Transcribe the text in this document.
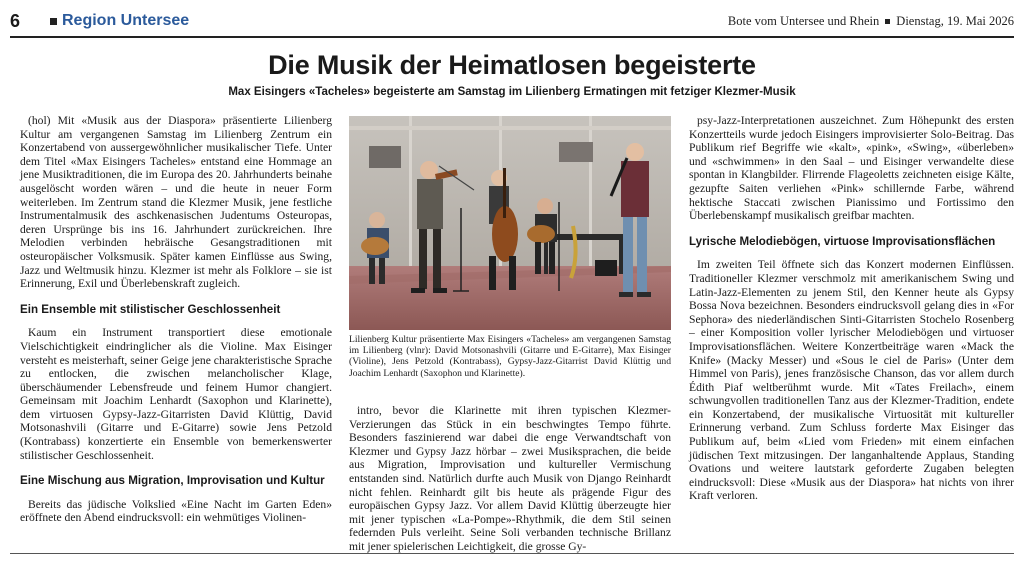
6	Region Untersee	Bote vom Untersee und Rhein Dienstag, 19. Mai 2026
Die Musik der Heimatlosen begeisterte
Max Eisingers «Tacheles» begeisterte am Samstag im Lilienberg Ermatingen mit fetziger Klezmer-Musik

(hol) Mit «Musik aus der Diaspora» präsentierte Lilienberg Kultur am vergangenen Samstag im Lilienberg Zentrum ein Konzertabend von aussergewöhnlicher musikalischer Tiefe. Unter dem Titel «Max Eisingers Tacheles» entstand eine Hommage an jene Musiktraditionen, die im Europa des 20. Jahrhunderts beinahe ausgelöscht worden wären – und die heute in neuer Form weiterleben. Im Zentrum stand die Klezmer Musik, jene festliche Instrumentalmusik des aschkenasischen Judentums Osteuropas, deren Ursprünge bis ins 16. Jahrhundert zurückreichen. Ihre Melodien verbinden hebräische Gesangstraditionen mit osteuropäischer Volksmusik. Später kamen Einflüsse aus Swing, Jazz und Weltmusik hinzu. Klezmer ist mehr als Folklore – sie ist Erinnerung, Exil und Überlebenskraft zugleich.

Ein Ensemble mit stilistischer Geschlossenheit

Kaum ein Instrument transportiert diese emotionale Vielschichtigkeit eindringlicher als die Violine. Max Eisinger versteht es meisterhaft, seiner Geige jene charakteristische Sprache zu entlocken, die zwischen melancholischer Klage, überschäumender Lebensfreude und feinem Humor changiert. Gemeinsam mit Joachim Lenhardt (Saxophon und Klarinette), dem virtuosen Gypsy-Jazz-Gitarristen David Klüttig, David Motsonashvili (Gitarre und E-Gitarre) sowie Jens Petzold (Kontrabass) konzertierte ein Ensemble von bemerkenswerter stilistischer Geschlossenheit.

Eine Mischung aus Migration, Improvisation und Kultur

Bereits das jüdische Volkslied «Eine Nacht im Garten Eden» eröffnete den Abend eindrucksvoll: ein wehmütiges Violinen-

Lilienberg Kultur präsentierte Max Eisingers «Tacheles» am vergangenen Samstag im Lilienberg (vlnr): David Motsonashvili (Gitarre und E-Gitarre), Max Eisinger (Violine), Jens Petzold (Kontrabass), Gypsy-Jazz-Gitarrist David Klüttig und Joachim Lenhardt (Saxophon und Klarinette).

intro, bevor die Klarinette mit ihren typischen Klezmer-Verzierungen das Stück in ein beschwingtes Tempo führte. Besonders faszinierend war dabei die enge Verwandtschaft von Klezmer und Gypsy Jazz hörbar – zwei Musiksprachen, die beide aus Migration, Improvisation und kultureller Vermischung entstanden sind. Natürlich durfte auch Musik von Django Reinhardt nicht fehlen. Reinhardt gilt bis heute als prägende Figur des europäischen Gypsy Jazz. Vor allem David Klüttig überzeugte hier mit jener typischen «La-Pompe»-Rhythmik, die dem Stil seinen federnden Puls verleiht. Seine Soli verbanden technische Brillanz mit jener spielerischen Leichtigkeit, die grosse Gy-

psy-Jazz-Interpretationen auszeichnet. Zum Höhepunkt des ersten Konzertteils wurde jedoch Eisingers improvisierter Solo-Beitrag. Das Publikum rief Begriffe wie «kalt», «pink», «Swing», «überleben» und «schwimmen» in den Saal – und Eisinger verwandelte diese spontan in Klangbilder. Flirrende Flageoletts zeichneten eisige Kälte, gezupfte Saiten verliehen «Pink» schillernde Farbe, während hektische Staccati zwischen Pianissimo und Fortissimo den Überlebenskampf musikalisch greifbar machten.

Lyrische Melodiebögen, virtuose Improvisationsflächen

Im zweiten Teil öffnete sich das Konzert modernen Einflüssen. Traditioneller Klezmer verschmolz mit amerikanischem Swing und Latin-Jazz-Elementen zu jenem Stil, den Kenner heute als Gypsy Bossa Nova bezeichnen. Besonders eindrucksvoll gelang dies in «For Sephora» des niederländischen Sinti-Gitarristen Stochelo Rosenberg – einer Komposition voller lyrischer Melodiebögen und virtuoser Improvisationsflächen. Weitere Konzertbeiträge waren «Mack the Knife» (Macky Messer) und «Sous le ciel de Paris» (Unter dem Himmel von Paris), jenes französische Chanson, das vor allem durch Édith Piaf weltberühmt wurde. Mit «Tates Freilach», einem schwungvollen traditionellen Tanz aus der Klezmer-Tradition, endete ein Konzertabend, der musikalische Virtuosität mit kultureller Erinnerung verband. Zum Schluss forderte Max Eisinger das Publikum auf, beim «Lied vom Frieden» mit einem einfachen jüdischen Text mitzusingen. Der langanhaltende Applaus, Standing Ovations und weitere lautstark geforderte Zugaben belegten eindrucksvoll: Diese «Musik aus der Diaspora» hat nichts von ihrer Kraft verloren.
